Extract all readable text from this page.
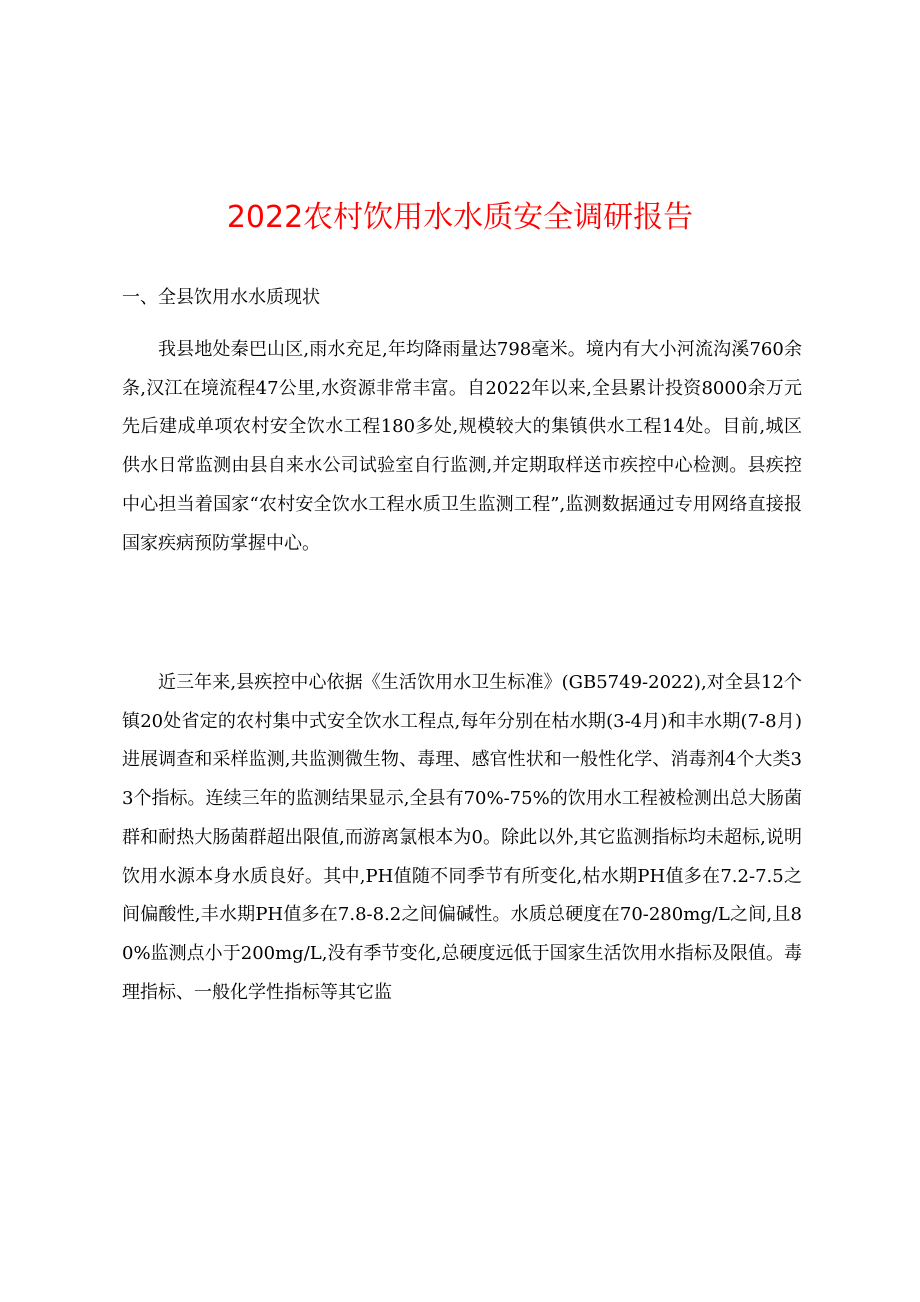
2022农村饮用水水质安全调研报告
一、全县饮用水水质现状

我县地处秦巴山区,雨水充足,年均降雨量达798毫米。境内有大小河流沟溪760余条,汉江在境流程47公里,水资源非常丰富。自2022年以来,全县累计投资8000余万元先后建成单项农村安全饮水工程180多处,规模较大的集镇供水工程14处。目前,城区供水日常监测由县自来水公司试验室自行监测,并定期取样送市疾控中心检测。县疾控中心担当着国家“农村安全饮水工程水质卫生监测工程”,监测数据通过专用网络直接报国家疾病预防掌握中心。

近三年来,县疾控中心依据《生活饮用水卫生标准》(GB5749-2022),对全县12个镇20处省定的农村集中式安全饮水工程点,每年分别在枯水期(3-4月)和丰水期(7-8月)进展调查和采样监测,共监测微生物、毒理、感官性状和一般性化学、消毒剂4个大类33个指标。连续三年的监测结果显示,全县有70%-75%的饮用水工程被检测出总大肠菌群和耐热大肠菌群超出限值,而游离氯根本为0。除此以外,其它监测指标均未超标,说明饮用水源本身水质良好。其中,PH值随不同季节有所变化,枯水期PH值多在7.2-7.5之间偏酸性,丰水期PH值多在7.8-8.2之间偏碱性。水质总硬度在70-280mg/L之间,且80%监测点小于200mg/L,没有季节变化,总硬度远低于国家生活饮用水指标及限值。毒理指标、一般化学性指标等其它监
